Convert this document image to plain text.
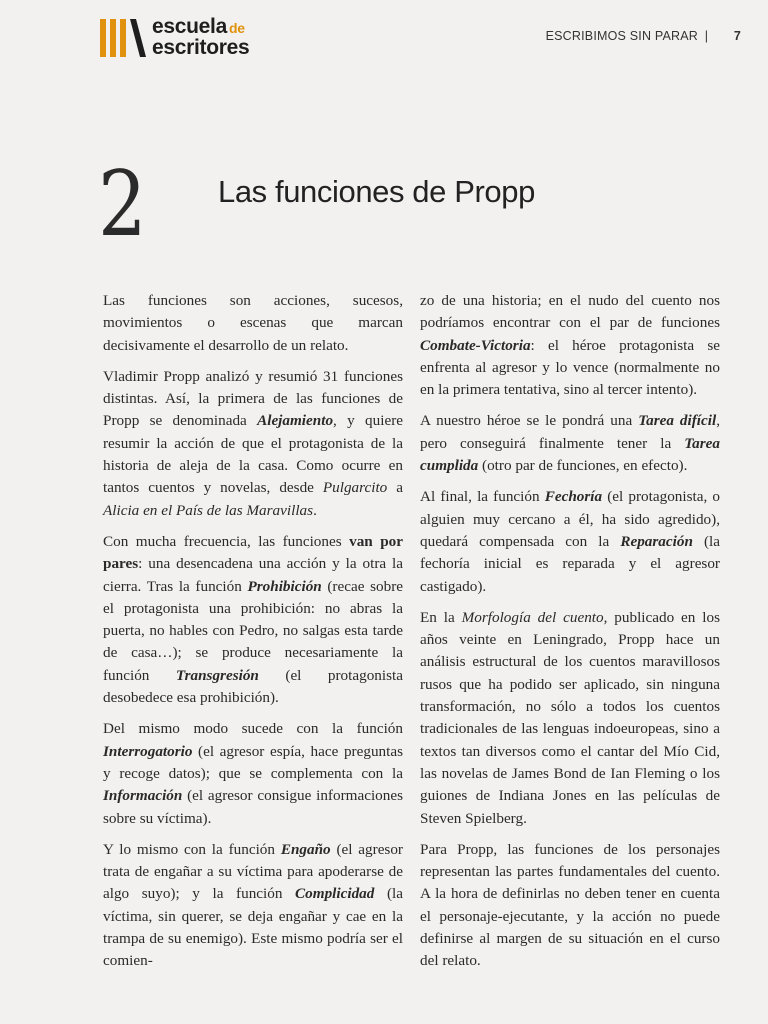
escuela de
escritores	ESCRIBIMOS SIN PARAR | 7
2 Las funciones de Propp

Las funciones son acciones, sucesos, movimientos o escenas que marcan decisivamente el desarrollo de un relato.

Vladimir Propp analizó y resumió 31 funciones distintas. Así, la primera de las funciones de Propp se denominada Alejamiento, y quiere resumir la acción de que el protagonista de la historia de aleja de la casa. Como ocurre en tantos cuentos y novelas, desde Pulgarcito a Alicia en el País de las Maravillas.

Con mucha frecuencia, las funciones van por pares: una desencadena una acción y la otra la cierra. Tras la función Prohibición (recae sobre el protagonista una prohibición: no abras la puerta, no hables con Pedro, no salgas esta tarde de casa…); se produce necesariamente la función Transgresión (el protagonista desobedece esa prohibición).

Del mismo modo sucede con la función Interrogatorio (el agresor espía, hace preguntas y recoge datos); que se complementa con la Información (el agresor consigue informaciones sobre su víctima).

Y lo mismo con la función Engaño (el agresor trata de engañar a su víctima para apoderarse de algo suyo); y la función Complicidad (la víctima, sin querer, se deja engañar y cae en la trampa de su enemigo). Este mismo podría ser el comien-

zo de una historia; en el nudo del cuento nos podríamos encontrar con el par de funciones Combate-Victoria: el héroe protagonista se enfrenta al agresor y lo vence (normalmente no en la primera tentativa, sino al tercer intento).

A nuestro héroe se le pondrá una Tarea difícil, pero conseguirá finalmente tener la Tarea cumplida (otro par de funciones, en efecto).

Al final, la función Fechoría (el protagonista, o alguien muy cercano a él, ha sido agredido), quedará compensada con la Reparación (la fechoría inicial es reparada y el agresor castigado).

En la Morfología del cuento, publicado en los años veinte en Leningrado, Propp hace un análisis estructural de los cuentos maravillosos rusos que ha podido ser aplicado, sin ninguna transformación, no sólo a todos los cuentos tradicionales de las lenguas indoeuropeas, sino a textos tan diversos como el cantar del Mío Cid, las novelas de James Bond de Ian Fleming o los guiones de Indiana Jones en las películas de Steven Spielberg.

Para Propp, las funciones de los personajes representan las partes fundamentales del cuento. A la hora de definirlas no deben tener en cuenta el personaje-ejecutante, y la acción no puede definirse al margen de su situación en el curso del relato.
